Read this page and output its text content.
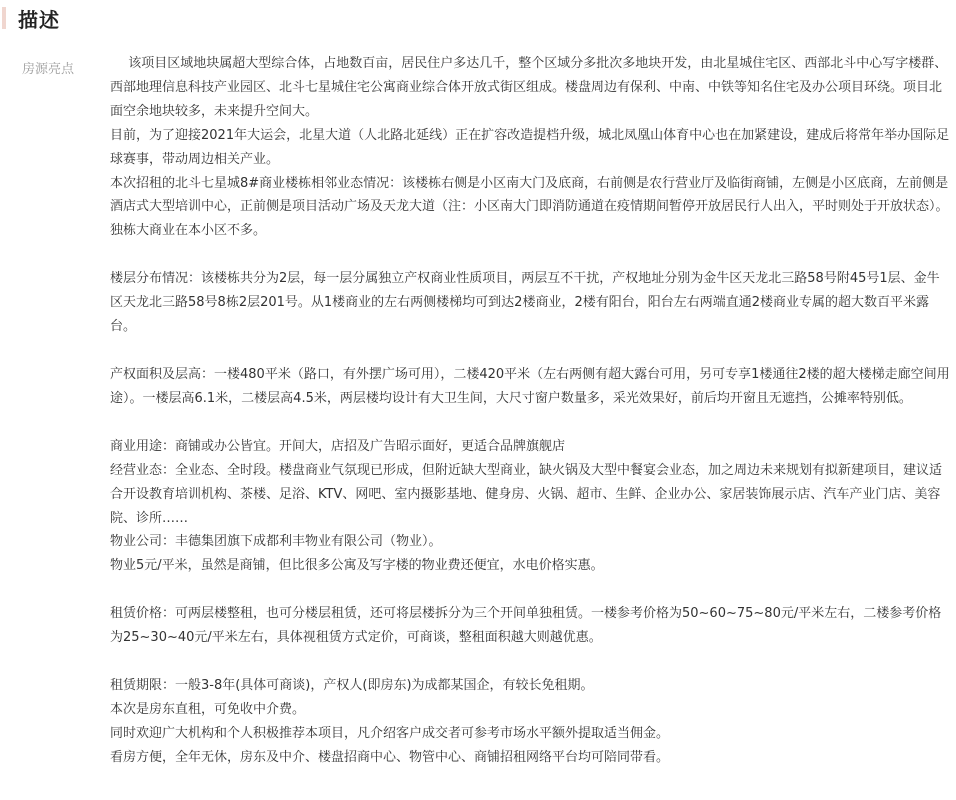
描述
房源亮点	该项目区域地块属超大型综合体，占地数百亩，居民住户多达几千，整个区域分多批次多地块开发，由北星城住宅区、西部北斗中心写字楼群、西部地理信息科技产业园区、北斗七星城住宅公寓商业综合体开放式街区组成。楼盘周边有保利、中南、中铁等知名住宅及办公项目环绕。项目北面空余地块较多，未来提升空间大。

目前，为了迎接2021年大运会，北星大道（人北路北延线）正在扩容改造提档升级，城北凤凰山体育中心也在加紧建设，建成后将常年举办国际足球赛事，带动周边相关产业。

本次招租的北斗七星城8#商业楼栋相邻业态情况：该楼栋右侧是小区南大门及底商，右前侧是农行营业厅及临街商铺，左侧是小区底商，左前侧是酒店式大型培训中心，正前侧是项目活动广场及天龙大道（注：小区南大门即消防通道在疫情期间暂停开放居民行人出入，平时则处于开放状态）。独栋大商业在本小区不多。

楼层分布情况：该楼栋共分为2层，每一层分属独立产权商业性质项目，两层互不干扰，产权地址分别为金牛区天龙北三路58号附45号1层、金牛区天龙北三路58号8栋2层201号。从1楼商业的左右两侧楼梯均可到达2楼商业，2楼有阳台，阳台左右两端直通2楼商业专属的超大数百平米露台。

产权面积及层高：一楼480平米（路口，有外摆广场可用），二楼420平米（左右两侧有超大露台可用，另可专享1楼通往2楼的超大楼梯走廊空间用途）。一楼层高6.1米，二楼层高4.5米，两层楼均设计有大卫生间，大尺寸窗户数量多，采光效果好，前后均开窗且无遮挡，公摊率特别低。

商业用途：商铺或办公皆宜。开间大，店招及广告昭示面好，更适合品牌旗舰店

经营业态：全业态、全时段。楼盘商业气氛现已形成，但附近缺大型商业，缺火锅及大型中餐宴会业态，加之周边未来规划有拟新建项目，建议适合开设教育培训机构、茶楼、足浴、KTV、网吧、室内摄影基地、健身房、火锅、超市、生鲜、企业办公、家居装饰展示店、汽车产业门店、美容院、诊所……

物业公司：丰德集团旗下成都利丰物业有限公司（物业）。

物业5元/平米，虽然是商铺，但比很多公寓及写字楼的物业费还便宜，水电价格实惠。

租赁价格：可两层楼整租，也可分楼层租赁，还可将层楼拆分为三个开间单独租赁。一楼参考价格为50~60~75~80元/平米左右，二楼参考价格为25~30~40元/平米左右，具体视租赁方式定价，可商谈，整租面积越大则越优惠。

租赁期限：一般3-8年(具体可商谈)，产权人(即房东)为成都某国企，有较长免租期。

本次是房东直租，可免收中介费。

同时欢迎广大机构和个人积极推荐本项目，凡介绍客户成交者可参考市场水平额外提取适当佣金。

看房方便，全年无休，房东及中介、楼盘招商中心、物管中心、商铺招租网络平台均可陪同带看。
